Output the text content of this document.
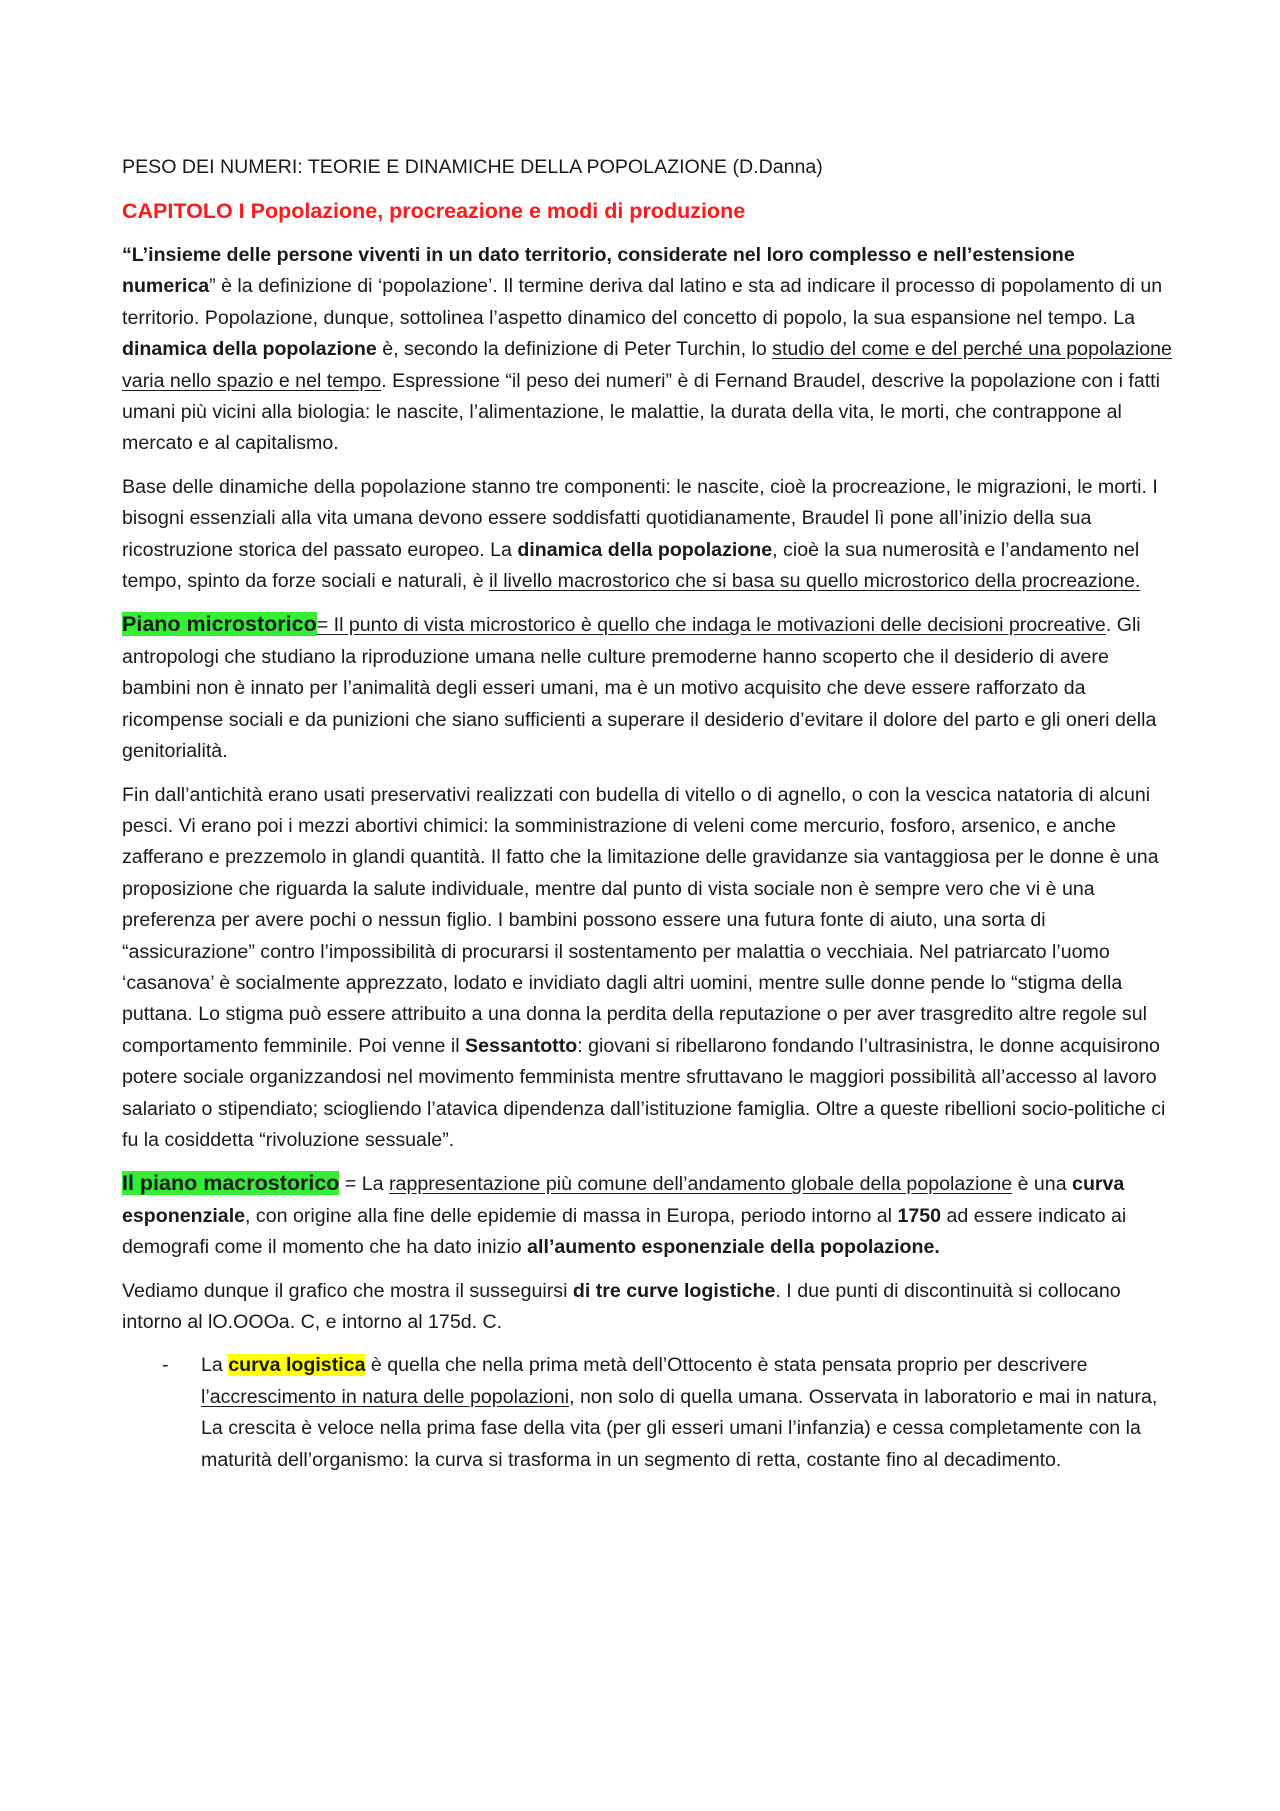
PESO DEI NUMERI: TEORIE E DINAMICHE DELLA POPOLAZIONE (D.Danna)
CAPITOLO I Popolazione, procreazione e modi di produzione

“L’insieme delle persone viventi in un dato territorio, considerate nel loro complesso e nell’estensione numerica” è la definizione di ‘popolazione’. Il termine deriva dal latino e sta ad indicare il processo di popolamento di un territorio. Popolazione, dunque, sottolinea l’aspetto dinamico del concetto di popolo, la sua espansione nel tempo. La dinamica della popolazione è, secondo la definizione di Peter Turchin, lo studio del come e del perché una popolazione varia nello spazio e nel tempo. Espressione “il peso dei numeri” è di Fernand Braudel, descrive la popolazione con i fatti umani più vicini alla biologia: le nascite, l’alimentazione, le malattie, la durata della vita, le morti, che contrappone al mercato e al capitalismo.

Base delle dinamiche della popolazione stanno tre componenti: le nascite, cioè la procreazione, le migrazioni, le morti. I bisogni essenziali alla vita umana devono essere soddisfatti quotidianamente, Braudel lì pone all’inizio della sua ricostruzione storica del passato europeo. La dinamica della popolazione, cioè la sua numerosità e l’andamento nel tempo, spinto da forze sociali e naturali, è il livello macrostorico che si basa su quello microstorico della procreazione.

Piano microstorico= Il punto di vista microstorico è quello che indaga le motivazioni delle decisioni procreative. Gli antropologi che studiano la riproduzione umana nelle culture premoderne hanno scoperto che il desiderio di avere bambini non è innato per l’animalità degli esseri umani, ma è un motivo acquisito che deve essere rafforzato da ricompense sociali e da punizioni che siano sufficienti a superare il desiderio d’evitare il dolore del parto e gli oneri della genitorialità.

Fin dall’antichità erano usati preservativi realizzati con budella di vitello o di agnello, o con la vescica natatoria di alcuni pesci. Vi erano poi i mezzi abortivi chimici: la somministrazione di veleni come mercurio, fosforo, arsenico, e anche zafferano e prezzemolo in glandi quantità. Il fatto che la limitazione delle gravidanze sia vantaggiosa per le donne è una proposizione che riguarda la salute individuale, mentre dal punto di vista sociale non è sempre vero che vi è una preferenza per avere pochi o nessun figlio. I bambini possono essere una futura fonte di aiuto, una sorta di “assicurazione” contro l’impossibilità di procurarsi il sostentamento per malattia o vecchiaia. Nel patriarcato l’uomo ‘casanova’ è socialmente apprezzato, lodato e invidiato dagli altri uomini, mentre sulle donne pende lo “stigma della puttana. Lo stigma può essere attribuito a una donna la perdita della reputazione o per aver trasgredito altre regole sul comportamento femminile. Poi venne il Sessantotto: giovani si ribellarono fondando l’ultrasinistra, le donne acquisirono potere sociale organizzandosi nel movimento femminista mentre sfruttavano le maggiori possibilità all’accesso al lavoro salariato o stipendiato; sciogliendo l’atavica dipendenza dall’istituzione famiglia. Oltre a queste ribellioni socio-politiche ci fu la cosiddetta “rivoluzione sessuale”.

Il piano macrostorico = La rappresentazione più comune dell’andamento globale della popolazione è una curva esponenziale, con origine alla fine delle epidemie di massa in Europa, periodo intorno al 1750 ad essere indicato ai demografi come il momento che ha dato inizio all’aumento esponenziale della popolazione.

Vediamo dunque il grafico che mostra il susseguirsi di tre curve logistiche. I due punti di discontinuità si collocano intorno al lO.OOOa. C, e intorno al 175d. C.

- La curva logistica è quella che nella prima metà dell’Ottocento è stata pensata proprio per descrivere l’accrescimento in natura delle popolazioni, non solo di quella umana. Osservata in laboratorio e mai in natura, La crescita è veloce nella prima fase della vita (per gli esseri umani l’infanzia) e cessa completamente con la maturità dell’organismo: la curva si trasforma in un segmento di retta, costante fino al decadimento.
